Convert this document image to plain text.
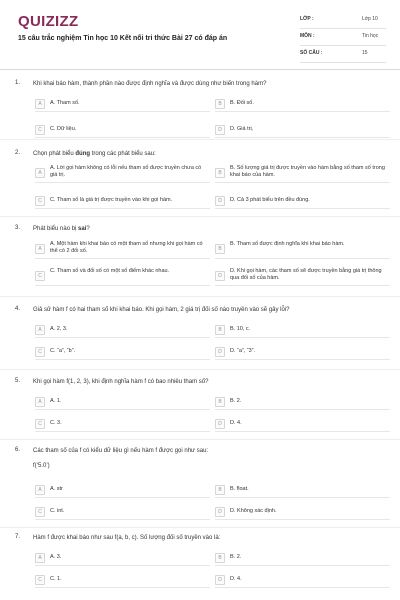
QUIZIZZ
15 câu trắc nghiệm Tin học 10 Kết nối tri thức Bài 27 có đáp án
LỚP :	Lớp 10
MÔN :	Tin học
SỐ CÂU :	15
1. Khi khai báo hàm, thành phần nào được định nghĩa và được dùng như biến trong hàm?
A	A. Tham số.	B	B. Đối số.
C	C. Dữ liệu.	D	D. Giá trị.
2. Chọn phát biểu đúng trong các phát biểu sau:
A
A. Lời gọi hàm không có lỗi nếu tham số được truyền chưa có giá trị.	B
B. Số lượng giá trị được truyền vào hàm bằng số tham số trong khai báo của hàm.
C	C. Tham số là giá trị được truyền vào khi gọi hàm.	D	D. Cả 3 phát biểu trên đều đúng.
3. Phát biểu nào bị sai?
A
A. Một hàm khi khai báo có một tham số nhưng khi gọi hàm có thể có 2 đối số.	B
B. Tham số được định nghĩa khi khai báo hàm.
C
C. Tham số và đối số có một số điểm khác nhau.
D
D. Khi gọi hàm, các tham số sẽ được truyền bằng giá trị thông qua đối số của hàm.
4. Giả sử hàm f có hai tham số khi khai báo. Khi gọi hàm, 2 giá trị đối số nào truyền vào sẽ gây lỗi?
A	A. 2, 3.	B	B. 10, c.
C	C. “a”, “b”.	D	D. “a”, “3”.
5. Khi gọi hàm f(1, 2, 3), khi định nghĩa hàm f có bao nhiêu tham số?
A	A. 1.	B	B. 2.
C	C. 3.	D	D. 4.
6. Các tham số của f có kiểu dữ liệu gì nếu hàm f được gọi như sau:
f(‘5.0’)
A	A. str	B	B. float.
C	C. int.	D	D. Không xác định.
7. Hàm f được khai báo như sau f(a, b, c). Số lượng đối số truyền vào là:
A	A. 3.	B	B. 2.
C	C. 1.	D	D. 4.
